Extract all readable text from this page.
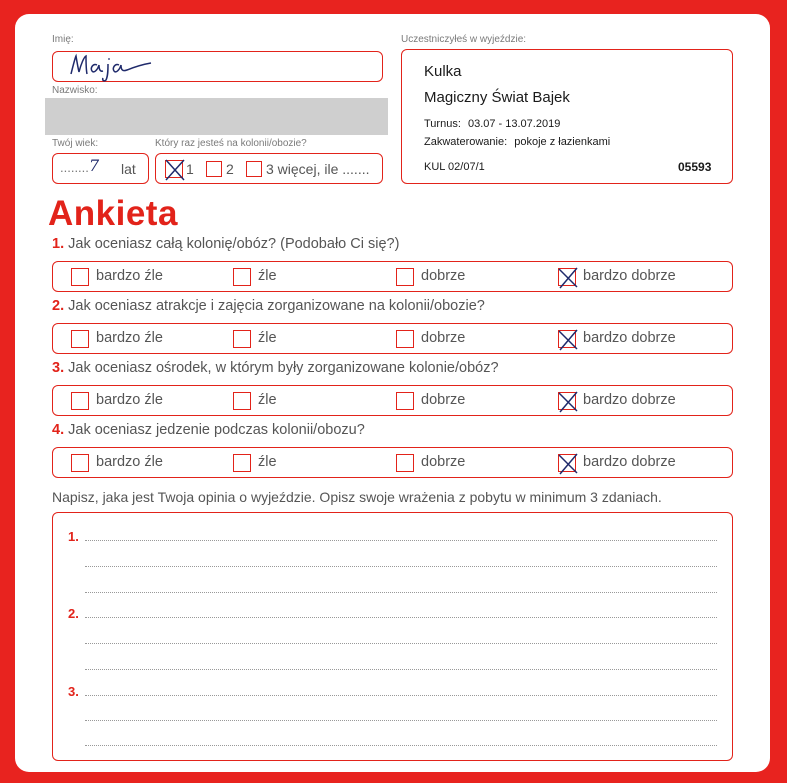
Imię:
Nazwisko:
Twój wiek:
........ 7 lat
Który raz jesteś na kolonii/obozie?
1 2 3 więcej, ile .......
Uczestniczyłeś w wyjeździe:
Kulka
Magiczny Świat Bajek
Turnus: 03.07 - 13.07.2019
Zakwaterowanie: pokoje z łazienkami
KUL 02/07/1	05593
Ankieta
1. Jak oceniasz całą kolonię/obóz? (Podobało Ci się?)
bardzo źle	źle	dobrze	bardzo dobrze
2. Jak oceniasz atrakcje i zajęcia zorganizowane na kolonii/obozie?
bardzo źle	źle	dobrze	bardzo dobrze
3. Jak oceniasz ośrodek, w którym były zorganizowane kolonie/obóz?
bardzo źle	źle	dobrze	bardzo dobrze
4. Jak oceniasz jedzenie podczas kolonii/obozu?
bardzo źle	źle	dobrze	bardzo dobrze
Napisz, jaka jest Twoja opinia o wyjeździe. Opisz swoje wrażenia z pobytu w minimum 3 zdaniach.
1.
2.
3.
